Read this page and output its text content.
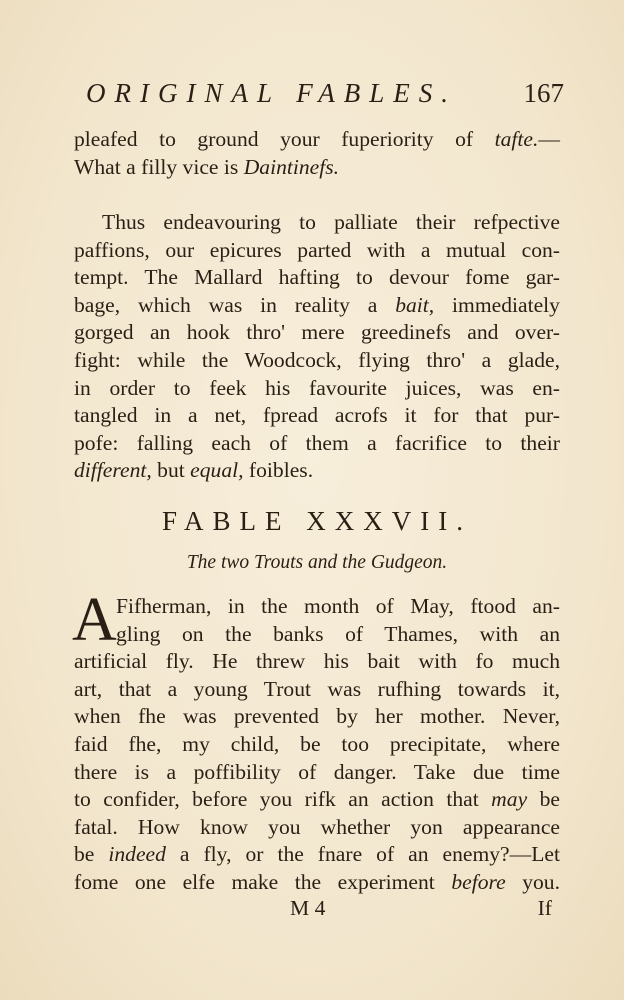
ORIGINAL FABLES. 167
pleafed to ground your fuperiority of tafte.—
What a filly vice is Daintinefs.
Thus endeavouring to palliate their refpective
paffions, our epicures parted with a mutual con-
tempt. The Mallard hafting to devour fome gar-
bage, which was in reality a bait, immediately
gorged an hook thro' mere greedinefs and over-
fight: while the Woodcock, flying thro' a glade,
in order to feek his favourite juices, was en-
tangled in a net, fpread acrofs it for that pur-
pofe: falling each of them a facrifice to their
different, but equal, foibles.
FABLE XXXVII.
The two Trouts and the Gudgeon.
A Fifherman, in the month of May, ftood an-
gling on the banks of Thames, with an
artificial fly. He threw his bait with fo much
art, that a young Trout was rufhing towards it,
when fhe was prevented by her mother. Never,
faid fhe, my child, be too precipitate, where
there is a poffibility of danger. Take due time
to confider, before you rifk an action that may be
fatal. How know you whether yon appearance
be indeed a fly, or the fnare of an enemy?—Let
fome one elfe make the experiment before you.
M 4	If
